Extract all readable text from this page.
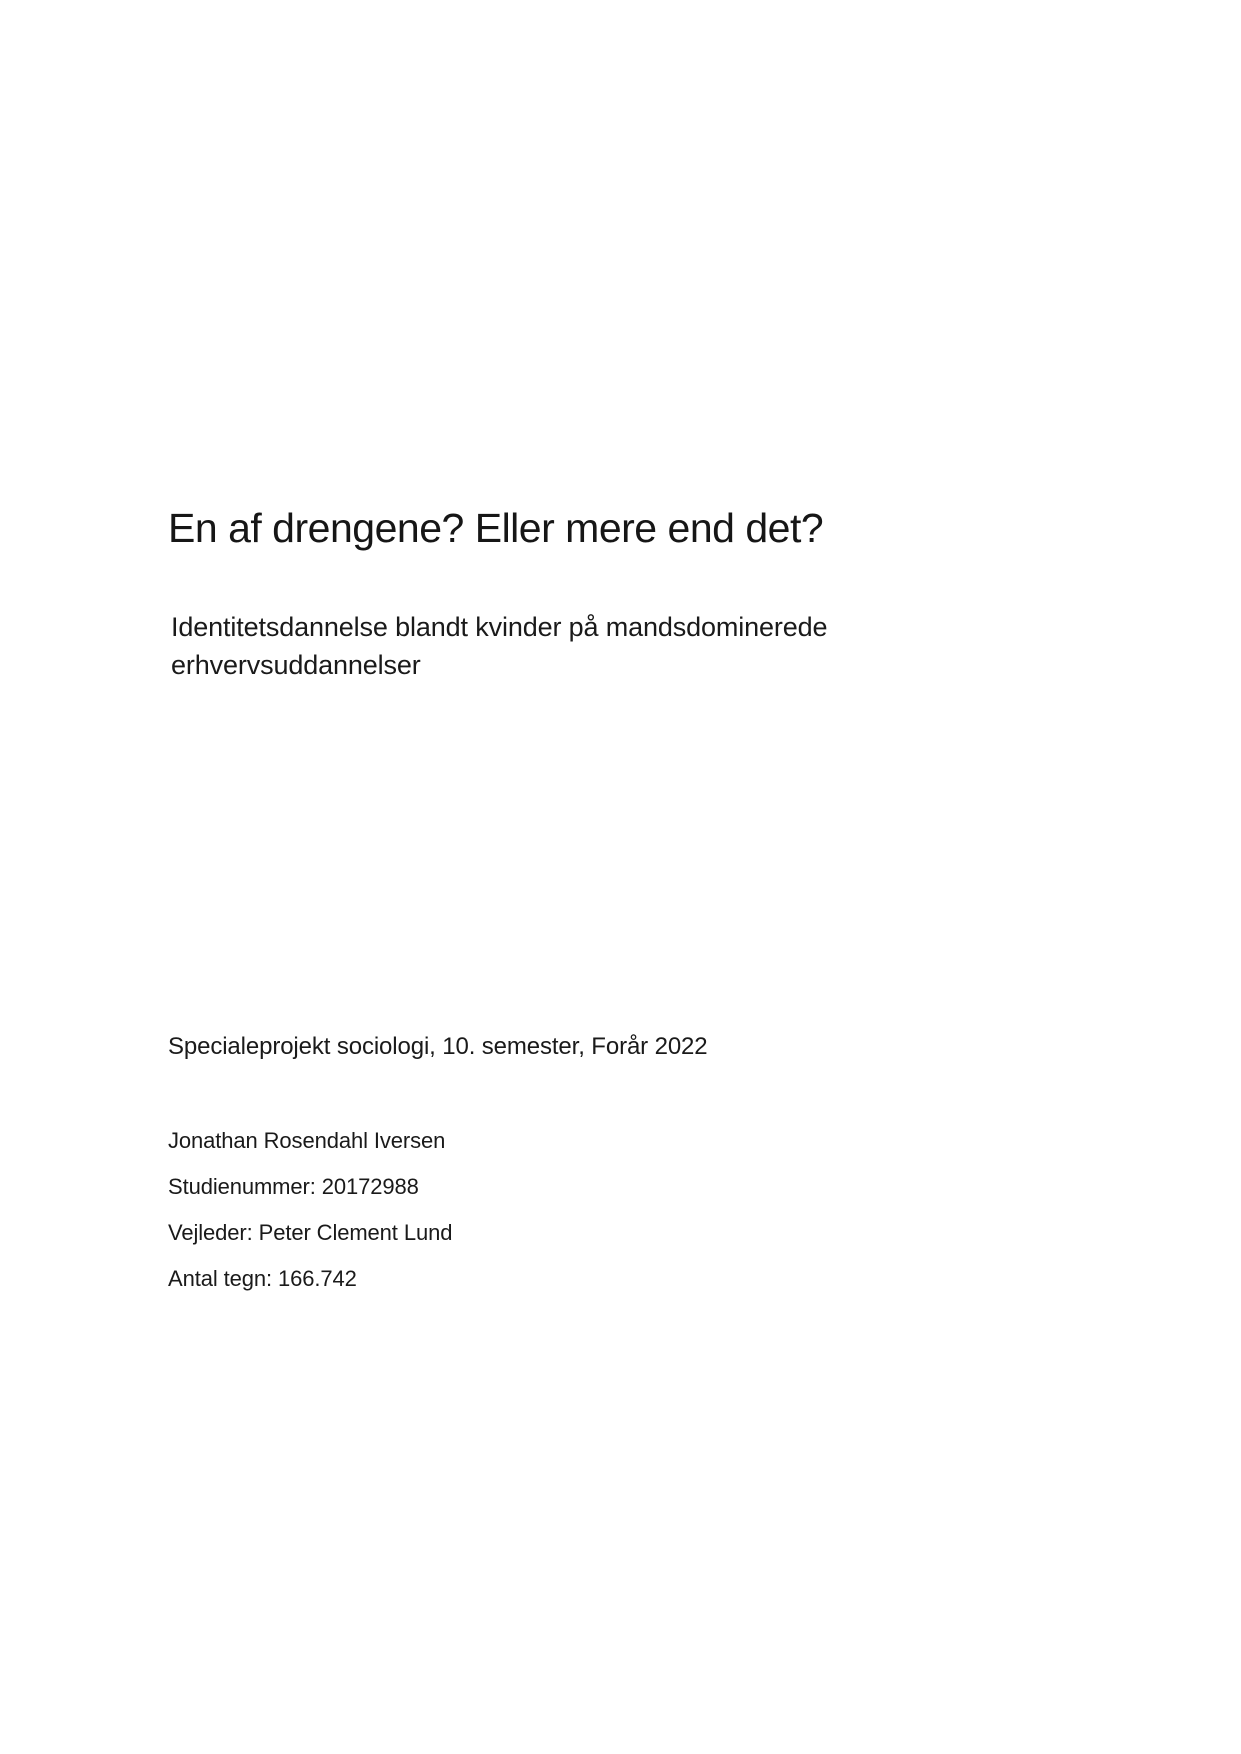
En af drengene? Eller mere end det?
Identitetsdannelse blandt kvinder på mandsdominerede
erhvervsuddannelser
Specialeprojekt sociologi, 10. semester, Forår 2022
Jonathan Rosendahl Iversen
Studienummer: 20172988
Vejleder: Peter Clement Lund
Antal tegn: 166.742
